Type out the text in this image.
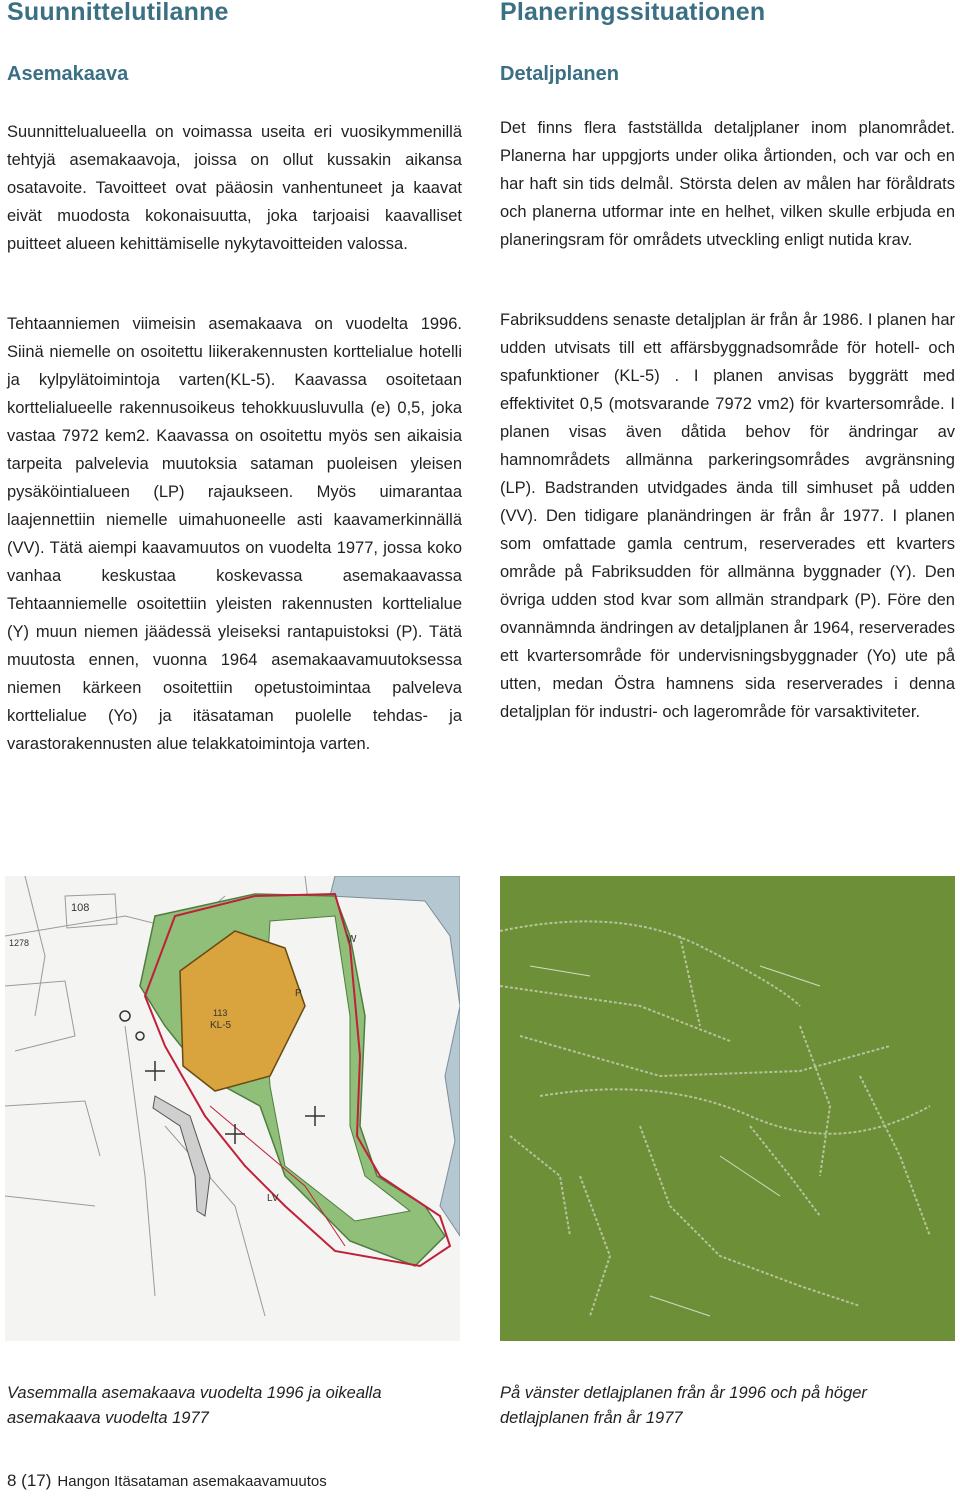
Suunnittelutilanne
Asemakaava

Suunnittelualueella on voimassa useita eri vuosikymmenillä tehtyjä asemakaavoja, joissa on ollut kussakin aikansa osatavoite. Tavoitteet ovat pääosin vanhentuneet ja kaavat eivät muodosta kokonaisuutta, joka tarjoaisi kaavalliset puitteet alueen kehittämiselle nykytavoitteiden valossa.

Tehtaanniemen viimeisin asemakaava on vuodelta 1996. Siinä niemelle on osoitettu liikerakennusten korttelialue hotelli ja kylpylätoimintoja varten(KL-5). Kaavassa osoitetaan korttelialueelle rakennusoikeus tehokkuusluvulla (e) 0,5, joka vastaa 7972 kem2. Kaavassa on osoitettu myös sen aikaisia tarpeita palvelevia muutoksia sataman puoleisen yleisen pysäköintialueen (LP) rajaukseen. Myös uimarantaa laajennettiin niemelle uimahuoneelle asti kaavamerkinnällä (VV). Tätä aiempi kaavamuutos on vuodelta 1977, jossa koko vanhaa keskustaa koskevassa asemakaavassa Tehtaanniemelle osoitettiin yleisten rakennusten korttelialue (Y) muun niemen jäädessä yleiseksi rantapuistoksi (P). Tätä muutosta ennen, vuonna 1964 asemakaavamuutoksessa niemen kärkeen osoitettiin opetustoimintaa palveleva korttelialue (Yo) ja itäsataman puolelle tehdas- ja varastorakennusten alue telakkatoimintoja varten.

Planeringssituationen
Detaljplanen

Det finns flera fastställda detaljplaner inom planområdet. Planerna har uppgjorts under olika årtionden, och var och en har haft sin tids delmål. Största delen av målen har föråldrats och planerna utformar inte en helhet, vilken skulle erbjuda en planeringsram för områdets utveckling enligt nutida krav.

Fabriksuddens senaste detaljplan är från år 1986. I planen har udden utvisats till ett affärsbyggnadsområde för hotell- och spafunktioner (KL-5) . I planen anvisas byggrätt med effektivitet 0,5 (motsvarande 7972 vm2) för kvartersområde. I planen visas även dåtida behov för ändringar av hamnområdets allmänna parkeringsområdes avgränsning (LP). Badstranden utvidgades ända till simhuset på udden (VV). Den tidigare planändringen är från år 1977. I planen som omfattade gamla centrum, reserverades ett kvarters område på Fabriksudden för allmänna byggnader (Y). Den övriga udden stod kvar som allmän strandpark (P). Före den ovannämnda ändringen av detaljplanen år 1964, reserverades ett kvartersområde för undervisningsbyggnader (Yo) ute på utten, medan Östra hamnens sida reserverades i denna detaljplan för industri- och lagerområde för varsaktiviteter.

108
1278
113
KL-5
LV
W
P

Vasemmalla asemakaava vuodelta 1996 ja oikealla asemakaava vuodelta 1977

På vänster detlajplanen från år 1996 och på höger detlajplanen från år 1977

8 (17) Hangon Itäsataman asemakaavamuutos
